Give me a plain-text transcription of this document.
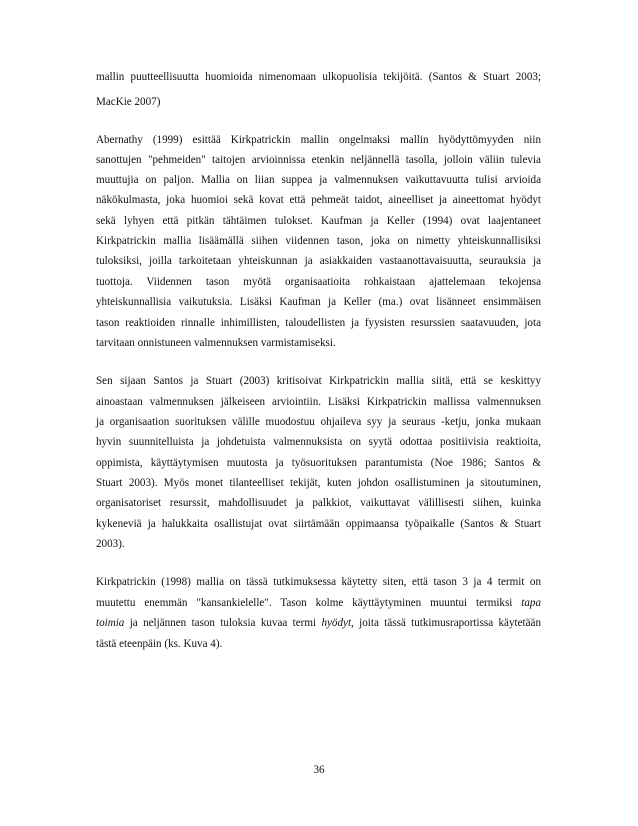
mallin puutteellisuutta huomioida nimenomaan ulkopuolisia tekijöitä. (Santos & Stuart 2003;
MacKie 2007)
Abernathy (1999) esittää Kirkpatrickin mallin ongelmaksi mallin hyödyttömyyden niin
sanottujen "pehmeiden" taitojen arvioinnissa etenkin neljännellä tasolla, jolloin väliin tulevia
muuttujia on paljon. Mallia on liian suppea ja valmennuksen vaikuttavuutta tulisi arvioida
näkökulmasta, joka huomioi sekä kovat että pehmeät taidot, aineelliset ja aineettomat hyödyt
sekä lyhyen että pitkän tähtäimen tulokset. Kaufman ja Keller (1994) ovat laajentaneet
Kirkpatrickin mallia lisäämällä siihen viidennen tason, joka on nimetty yhteiskunnallisiksi
tuloksiksi, joilla tarkoitetaan yhteiskunnan ja asiakkaiden vastaanottavaisuutta, seurauksia ja
tuottoja. Viidennen tason myötä organisaatioita rohkaistaan ajattelemaan tekojensa
yhteiskunnallisia vaikutuksia. Lisäksi Kaufman ja Keller (ma.) ovat lisänneet ensimmäisen
tason reaktioiden rinnalle inhimillisten, taloudellisten ja fyysisten resurssien saatavuuden, jota
tarvitaan onnistuneen valmennuksen varmistamiseksi.
Sen sijaan Santos ja Stuart (2003) kritisoivat Kirkpatrickin mallia siitä, että se keskittyy
ainoastaan valmennuksen jälkeiseen arviointiin. Lisäksi Kirkpatrickin mallissa valmennuksen
ja organisaation suorituksen välille muodostuu ohjaileva syy ja seuraus -ketju, jonka mukaan
hyvin suunnitelluista ja johdetuista valmennuksista on syytä odottaa positiivisia reaktioita,
oppimista, käyttäytymisen muutosta ja työsuorituksen parantumista (Noe 1986; Santos &
Stuart 2003). Myös monet tilanteelliset tekijät, kuten johdon osallistuminen ja sitoutuminen,
organisatoriset resurssit, mahdollisuudet ja palkkiot, vaikuttavat välillisesti siihen, kuinka
kykeneviä ja halukkaita osallistujat ovat siirtämään oppimaansa työpaikalle (Santos & Stuart
2003).
Kirkpatrickin (1998) mallia on tässä tutkimuksessa käytetty siten, että tason 3 ja 4 termit on
muutettu enemmän "kansankielelle". Tason kolme käyttäytyminen muuntui termiksi tapa
toimia ja neljännen tason tuloksia kuvaa termi hyödyt, joita tässä tutkimusraportissa käytetään
tästä eteenpäin (ks. Kuva 4).
36
